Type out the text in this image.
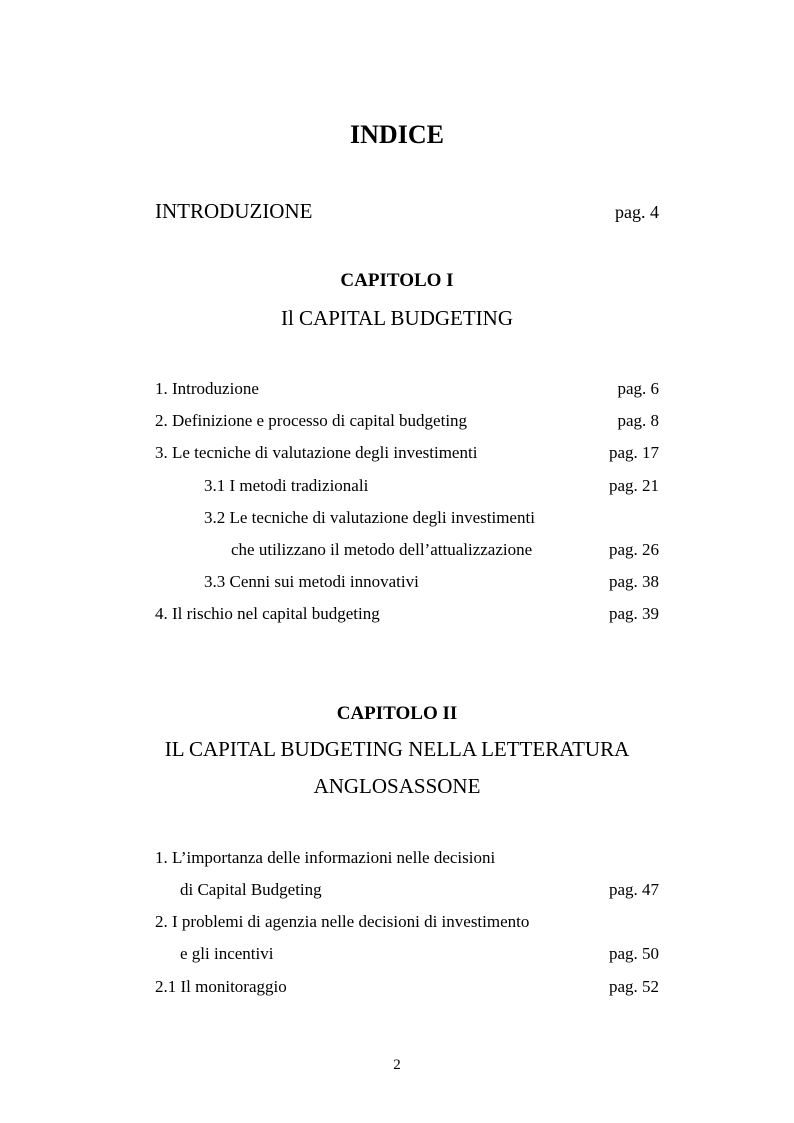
INDICE
INTRODUZIONE	pag. 4
CAPITOLO I
Il CAPITAL BUDGETING
1. Introduzione	pag. 6
2. Definizione e processo di capital budgeting	pag. 8
3. Le tecniche di valutazione degli investimenti	pag. 17
3.1 I metodi tradizionali	pag. 21
3.2 Le tecniche di valutazione degli investimenti
che utilizzano il metodo dell’attualizzazione	pag. 26
3.3 Cenni sui metodi innovativi	pag. 38
4. Il rischio nel capital budgeting	pag. 39
CAPITOLO II
IL CAPITAL BUDGETING NELLA LETTERATURA
ANGLOSASSONE
1. L’importanza delle informazioni nelle decisioni
di Capital Budgeting	pag. 47
2. I problemi di agenzia nelle decisioni di investimento
e gli incentivi	pag. 50
2.1 Il monitoraggio	pag. 52
2
